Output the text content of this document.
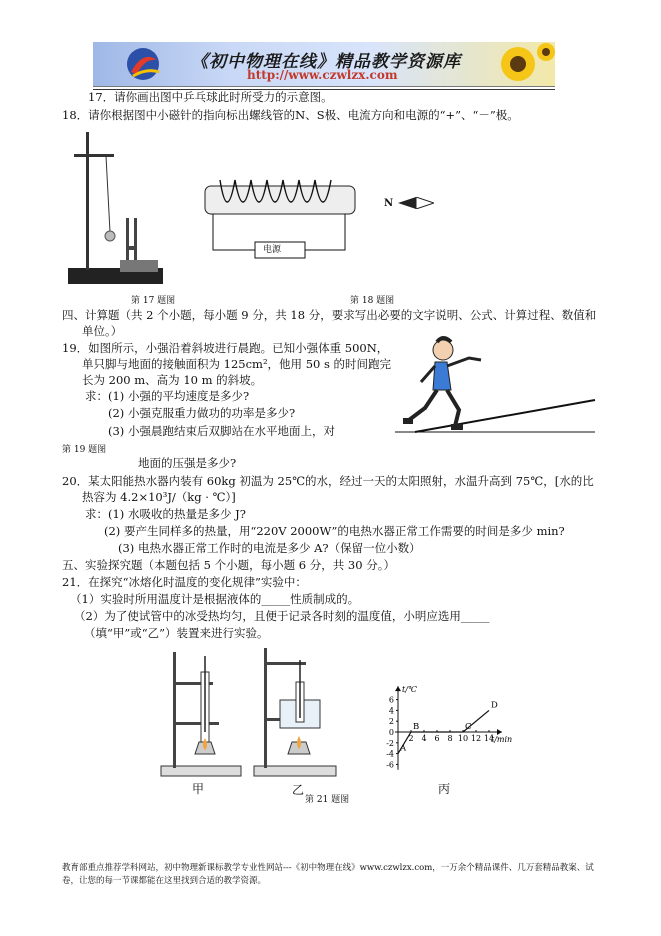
《初中物理在线》精品教学资源库
http://www.czwlzx.com
17．请你画出图中乒乓球此时所受力的示意图。
18．请你根据图中小磁针的指向标出螺线管的N、S极、电流方向和电源的“+”、“－”极。
第 17 题图
电源
N
第 18 题图
四、计算题（共 2 个小题，每小题 9 分，共 18 分，要求写出必要的文字说明、公式、计算过程、数值和
单位。）
19．如图所示，小强沿着斜坡进行晨跑。已知小强体重 500N，
单只脚与地面的接触面积为 125cm²，他用 50 s 的时间跑完
长为 200 m、高为 10 m 的斜坡。
求：(1) 小强的平均速度是多少?
(2) 小强克服重力做功的功率是多少?
(3) 小强晨跑结束后双脚站在水平地面上，对
第 19 题图
地面的压强是多少?
20．某太阳能热水器内装有 60kg 初温为 25℃的水，经过一天的太阳照射，水温升高到 75℃，[水的比
热容为 4.2×10³J/（kg · ℃）]
求：(1) 水吸收的热量是多少 J?
(2) 要产生同样多的热量，用“220V 2000W”的电热水器正常工作需要的时间是多少 min?
(3) 电热水器正常工作时的电流是多少 A?（保留一位小数）
五、实验探究题（本题包括 5 个小题，每小题 6 分，共 30 分。）
21．在探究“冰熔化时温度的变化规律”实验中：
（1）实验时所用温度计是根据液体的_____性质制成的。
（2）为了使试管中的冰受热均匀，且便于记录各时刻的温度值，小明应选用_____
（填“甲”或“乙”）装置来进行实验。
甲	乙
第 21 题图
t/℃
t/min
6
4
2
0
-2
-4
-6
2 4 6 8 10 12 14
A
B	C
D
丙
教育部重点推荐学科网站，初中物理新课标教学专业性网站---《初中物理在线》www.czwlzx.com，一万余个精品课件、几万套精品教案、试卷，让您的每一节课都能在这里找到合适的教学资源。
